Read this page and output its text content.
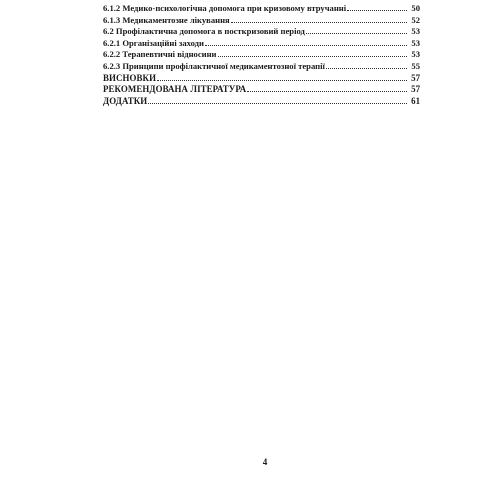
6.1.2 Медико-психологічна допомога при кризовому втручанні	50
6.1.3 Медикаментозне лікування	52
6.2 Профілактична допомога в посткризовий період	53
6.2.1 Організаційні заходи	53
6.2.2 Терапевтичні відносини	53
6.2.3 Принципи профілактичної медикаментозної терапії	55
ВИСНОВКИ	57
РЕКОМЕНДОВАНА ЛІТЕРАТУРА	57
ДОДАТКИ	61
4
